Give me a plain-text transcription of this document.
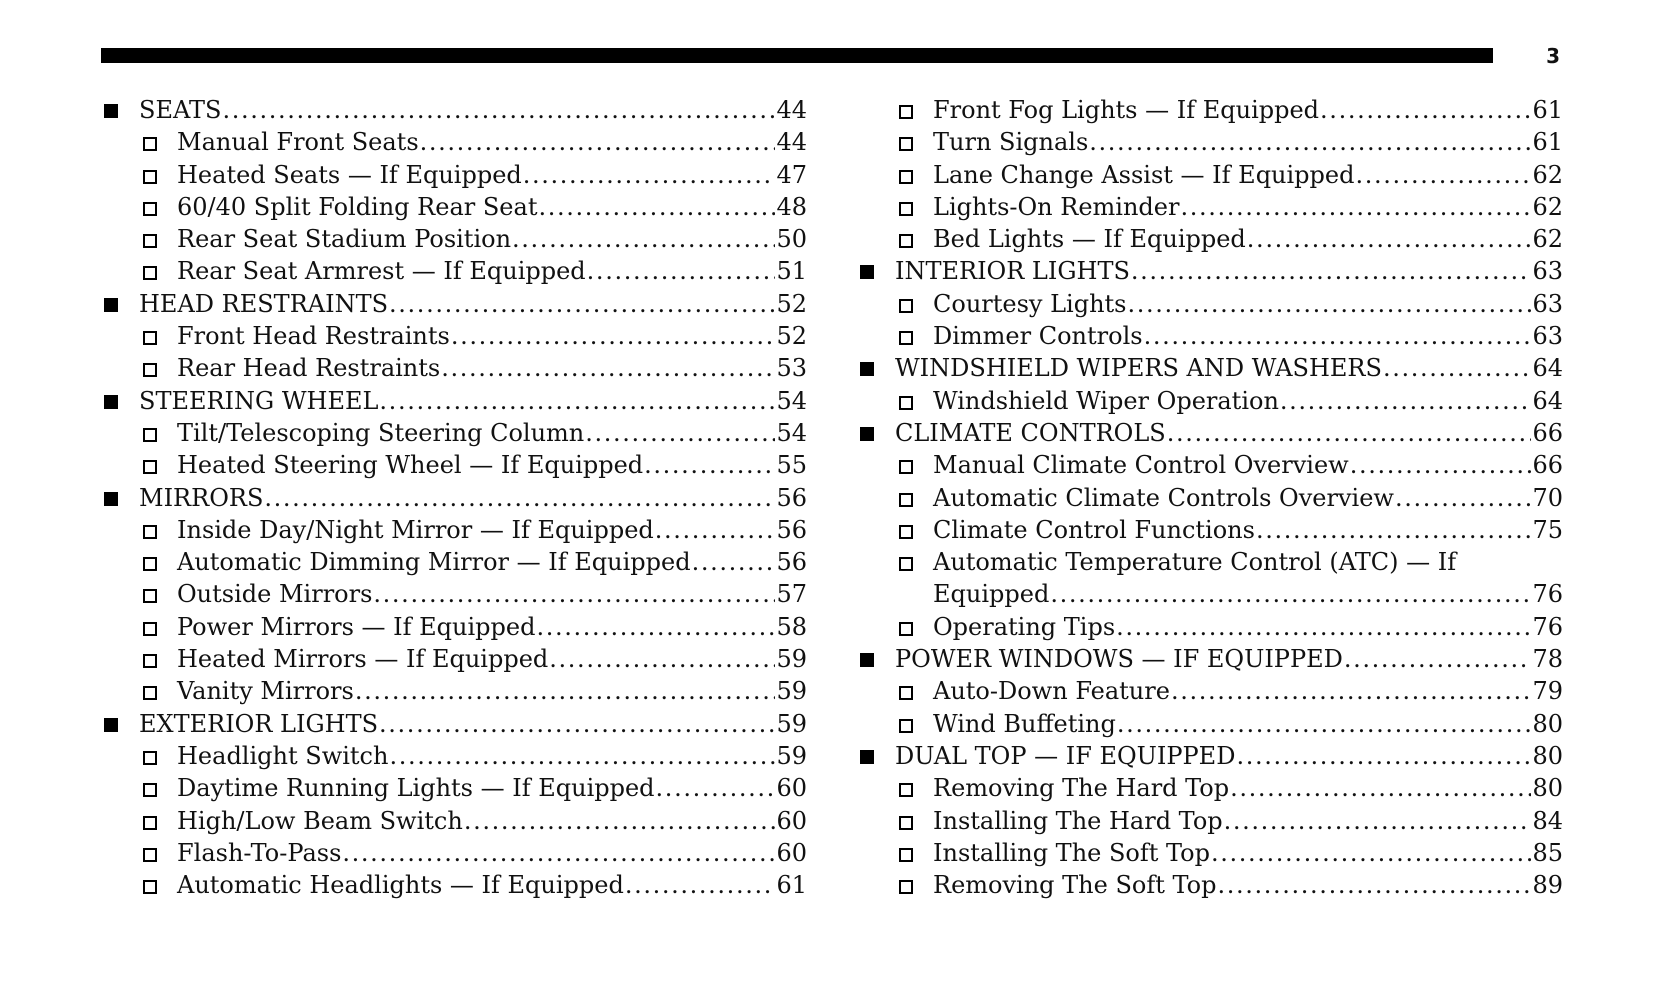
3
SEATS . . .	44
Manual Front Seats . . .	44
Heated Seats — If Equipped . . .	47
60/40 Split Folding Rear Seat . . .	48
Rear Seat Stadium Position . . .	50
Rear Seat Armrest — If Equipped . . .	51
HEAD RESTRAINTS . . .	52
Front Head Restraints . . .	52
Rear Head Restraints . . .	53
STEERING WHEEL . . .	54
Tilt/Telescoping Steering Column . . .	54
Heated Steering Wheel — If Equipped . . .	55
MIRRORS . . .	56
Inside Day/Night Mirror — If Equipped . . .	56
Automatic Dimming Mirror — If Equipped . . .	56
Outside Mirrors . . .	57
Power Mirrors — If Equipped . . .	58
Heated Mirrors — If Equipped . . .	59
Vanity Mirrors . . .	59
EXTERIOR LIGHTS . . .	59
Headlight Switch . . .	59
Daytime Running Lights — If Equipped . . .	60
High/Low Beam Switch . . .	60
Flash-To-Pass . . .	60
Automatic Headlights — If Equipped . . .	61
Front Fog Lights — If Equipped . . .	61
Turn Signals . . .	61
Lane Change Assist — If Equipped . . .	62
Lights-On Reminder . . .	62
Bed Lights — If Equipped . . .	62
INTERIOR LIGHTS . . .	63
Courtesy Lights . . .	63
Dimmer Controls . . .	63
WINDSHIELD WIPERS AND WASHERS . . .	64
Windshield Wiper Operation . . .	64
CLIMATE CONTROLS . . .	66
Manual Climate Control Overview . . .	66
Automatic Climate Controls Overview . . .	70
Climate Control Functions . . .	75
Automatic Temperature Control (ATC) — If
Equipped . . .	76
Operating Tips . . .	76
POWER WINDOWS — IF EQUIPPED . . .	78
Auto-Down Feature . . .	79
Wind Buffeting . . .	80
DUAL TOP — IF EQUIPPED . . .	80
Removing The Hard Top . . .	80
Installing The Hard Top . . .	84
Installing The Soft Top . . .	85
Removing The Soft Top . . .	89
